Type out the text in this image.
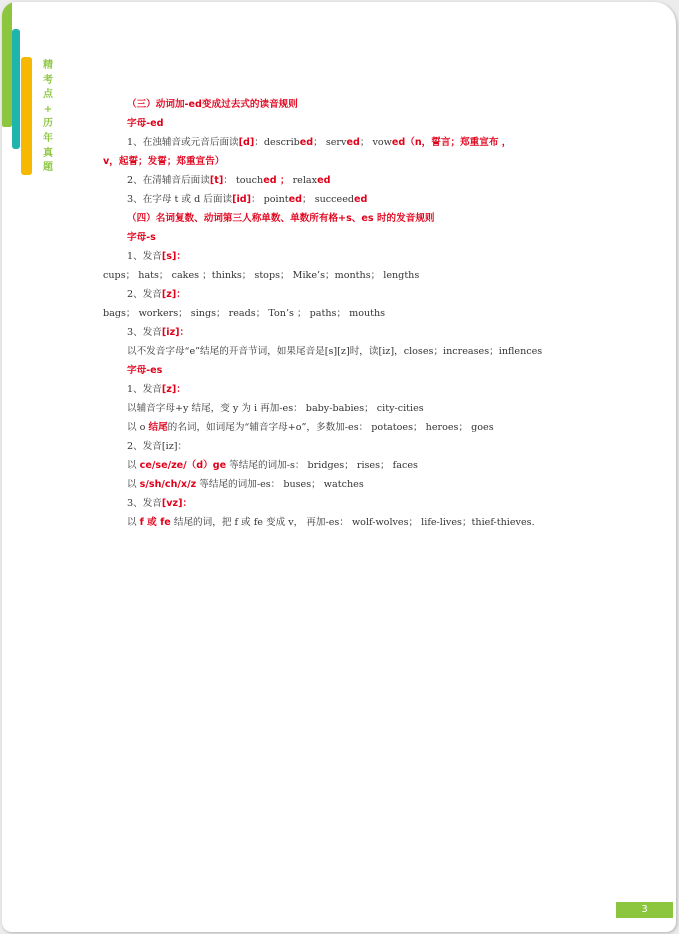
精
考
点
+
历
年
真
题

（三）动词加-ed变成过去式的读音规则

字母-ed

1、在浊辅音或元音后面读[d]：described； served； vowed（n，誓言；郑重宣布 ，

v，起誓；发誓；郑重宣告）

2、在清辅音后面读[t]： touched ； relaxed

3、在字母 t 或 d 后面读[id]： pointed； succeeded

（四）名词复数、动词第三人称单数、单数所有格+s、es 时的发音规则

字母-s

1、发音[s]：

cups； hats； cakes ；thinks； stops； Mike’s；months； lengths

2、发音[z]：

bags； workers； sings； reads； Ton’s ； paths； mouths

3、发音[iz]：

以不发音字母“e”结尾的开音节词，如果尾音是[s][z]时，读[iz]，closes；increases；inflences

字母-es

1、发音[z]：

以辅音字母+y 结尾，变 y 为 i 再加-es： baby-babies； city-cities

以 o 结尾的名词，如词尾为“辅音字母+o”，多数加-es： potatoes； heroes； goes

2、发音[iz]：

以 ce/se/ze/（d）ge 等结尾的词加-s： bridges； rises； faces

以 s/sh/ch/x/z 等结尾的词加-es： buses； watches

3、发音[vz]：

以 f 或 fe 结尾的词，把 f 或 fe 变成 v， 再加-es： wolf-wolves； life-lives；thief-thieves.

3
